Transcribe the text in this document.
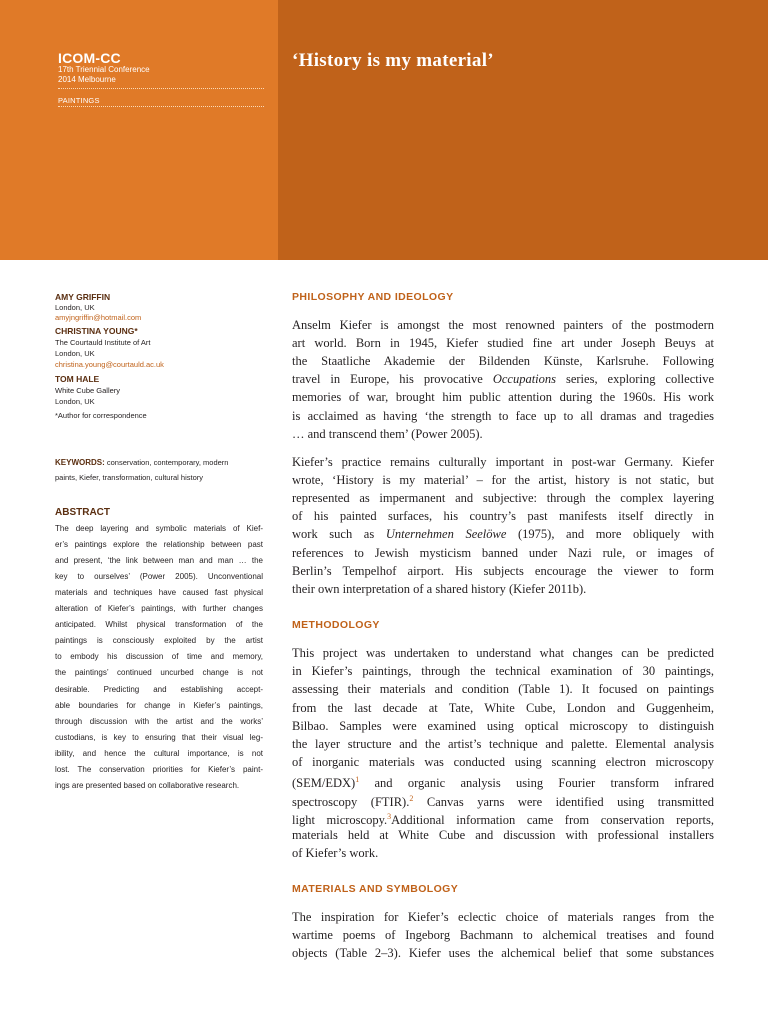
ICOM-CC
17th Triennial Conference
2014 Melbourne
PAINTINGS
‘History is my material’
AMY GRIFFIN
London, UK
amyjngriffin@hotmail.com
CHRISTINA YOUNG*
The Courtauld Institute of Art
London, UK
christina.young@courtauld.ac.uk
TOM HALE
White Cube Gallery
London, UK
*Author for correspondence
KEYWORDS: conservation, contemporary, modern
paints, Kiefer, transformation, cultural history
ABSTRACT
The deep layering and symbolic materials of Kief-
er’s paintings explore the relationship between past
and present, ‘the link between man and man … the
key to ourselves’ (Power 2005). Unconventional
materials and techniques have caused fast physical
alteration of Kiefer’s paintings, with further changes
anticipated. Whilst physical transformation of the
paintings is consciously exploited by the artist
to embody his discussion of time and memory,
the paintings’ continued uncurbed change is not
desirable. Predicting and establishing accept-
able boundaries for change in Kiefer’s paintings,
through discussion with the artist and the works’
custodians, is key to ensuring that their visual leg-
ibility, and hence the cultural importance, is not
lost. The conservation priorities for Kiefer’s paint-
ings are presented based on collaborative research.
PHILOSOPHY AND IDEOLOGY
Anselm Kiefer is amongst the most renowned painters of the postmodern
art world. Born in 1945, Kiefer studied fine art under Joseph Beuys at
the Staatliche Akademie der Bildenden Künste, Karlsruhe. Following
travel in Europe, his provocative Occupations series, exploring collective
memories of war, brought him public attention during the 1960s. His work
is acclaimed as having ‘the strength to face up to all dramas and tragedies
… and transcend them’ (Power 2005).
Kiefer’s practice remains culturally important in post-war Germany. Kiefer
wrote, ‘History is my material’ – for the artist, history is not static, but
represented as impermanent and subjective: through the complex layering
of his painted surfaces, his country’s past manifests itself directly in
work such as Unternehmen Seelöwe (1975), and more obliquely with
references to Jewish mysticism banned under Nazi rule, or images of
Berlin’s Tempelhof airport. His subjects encourage the viewer to form
their own interpretation of a shared history (Kiefer 2011b).
METHODOLOGY
This project was undertaken to understand what changes can be predicted
in Kiefer’s paintings, through the technical examination of 30 paintings,
assessing their materials and condition (Table 1). It focused on paintings
from the last decade at Tate, White Cube, London and Guggenheim,
Bilbao. Samples were examined using optical microscopy to distinguish
the layer structure and the artist’s technique and palette. Elemental analysis
of inorganic materials was conducted using scanning electron microscopy
(SEM/EDX)$^1$ and organic analysis using Fourier transform infrared
spectroscopy (FTIR).$^2$ Canvas yarns were identified using transmitted
light microscopy.$^3$Additional information came from conservation reports,
materials held at White Cube and discussion with professional installers
of Kiefer’s work.
MATERIALS AND SYMBOLOGY
The inspiration for Kiefer’s eclectic choice of materials ranges from the
wartime poems of Ingeborg Bachmann to alchemical treatises and found
objects (Table 2–3). Kiefer uses the alchemical belief that some substances
